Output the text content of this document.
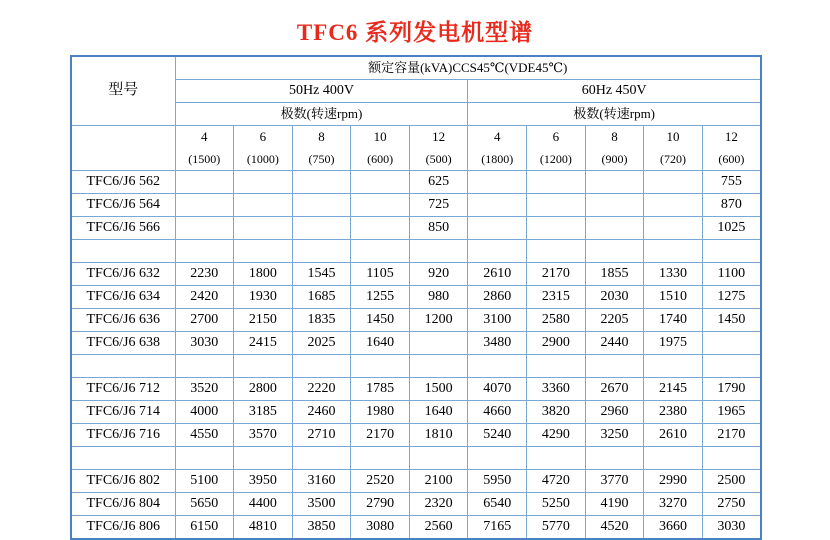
TFC6 系列发电机型谱
型号	额定容量(kVA)CCS45℃(VDE45℃)									
	50Hz 400V					60Hz 450V				
	极数(转速rpm)					极数(转速rpm)				
	4	6	8	10	12	4	6	8	10	12
	(1500)	(1000)	(750)	(600)	(500)	(1800)	(1200)	(900)	(720)	(600)
TFC6/J6 562					625					755
TFC6/J6 564					725					870
TFC6/J6 566					850					1025

TFC6/J6 632	2230	1800	1545	1105	920	2610	2170	1855	1330	1100
TFC6/J6 634	2420	1930	1685	1255	980	2860	2315	2030	1510	1275
TFC6/J6 636	2700	2150	1835	1450	1200	3100	2580	2205	1740	1450
TFC6/J6 638	3030	2415	2025	1640		3480	2900	2440	1975	

TFC6/J6 712	3520	2800	2220	1785	1500	4070	3360	2670	2145	1790
TFC6/J6 714	4000	3185	2460	1980	1640	4660	3820	2960	2380	1965
TFC6/J6 716	4550	3570	2710	2170	1810	5240	4290	3250	2610	2170

TFC6/J6 802	5100	3950	3160	2520	2100	5950	4720	3770	2990	2500
TFC6/J6 804	5650	4400	3500	2790	2320	6540	5250	4190	3270	2750
TFC6/J6 806	6150	4810	3850	3080	2560	7165	5770	4520	3660	3030
